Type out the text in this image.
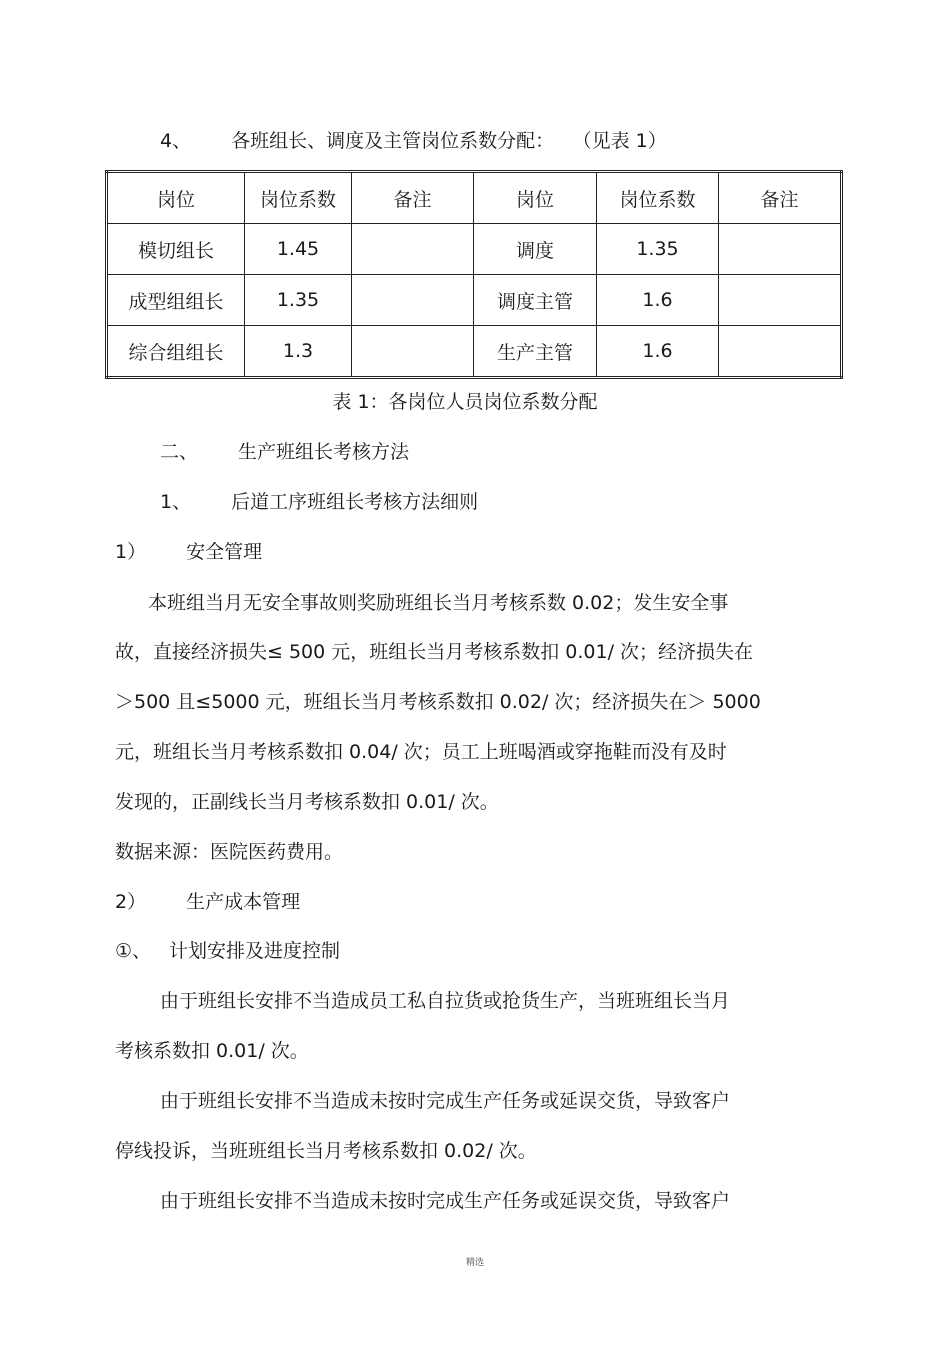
4、 各班组长、调度及主管岗位系数分配： （见表 1）
岗位	岗位系数	备注	岗位	岗位系数	备注
模切组长	1.45		调度	1.35	
成型组组长	1.35		调度主管	1.6	
综合组组长	1.3		生产主管	1.6	
表 1：各岗位人员岗位系数分配
二、 生产班组长考核方法
1、 后道工序班组长考核方法细则
1） 安全管理
本班组当月无安全事故则奖励班组长当月考核系数 0.02；发生安全事
故，直接经济损失≤ 500 元，班组长当月考核系数扣 0.01/ 次；经济损失在
＞500 且≤5000 元，班组长当月考核系数扣 0.02/ 次；经济损失在＞ 5000
元，班组长当月考核系数扣 0.04/ 次；员工上班喝酒或穿拖鞋而没有及时
发现的，正副线长当月考核系数扣 0.01/ 次。
数据来源：医院医药费用。
2） 生产成本管理
①、 计划安排及进度控制
由于班组长安排不当造成员工私自拉货或抢货生产，当班班组长当月
考核系数扣 0.01/ 次。
由于班组长安排不当造成未按时完成生产任务或延误交货，导致客户
停线投诉，当班班组长当月考核系数扣 0.02/ 次。
由于班组长安排不当造成未按时完成生产任务或延误交货，导致客户
精选
